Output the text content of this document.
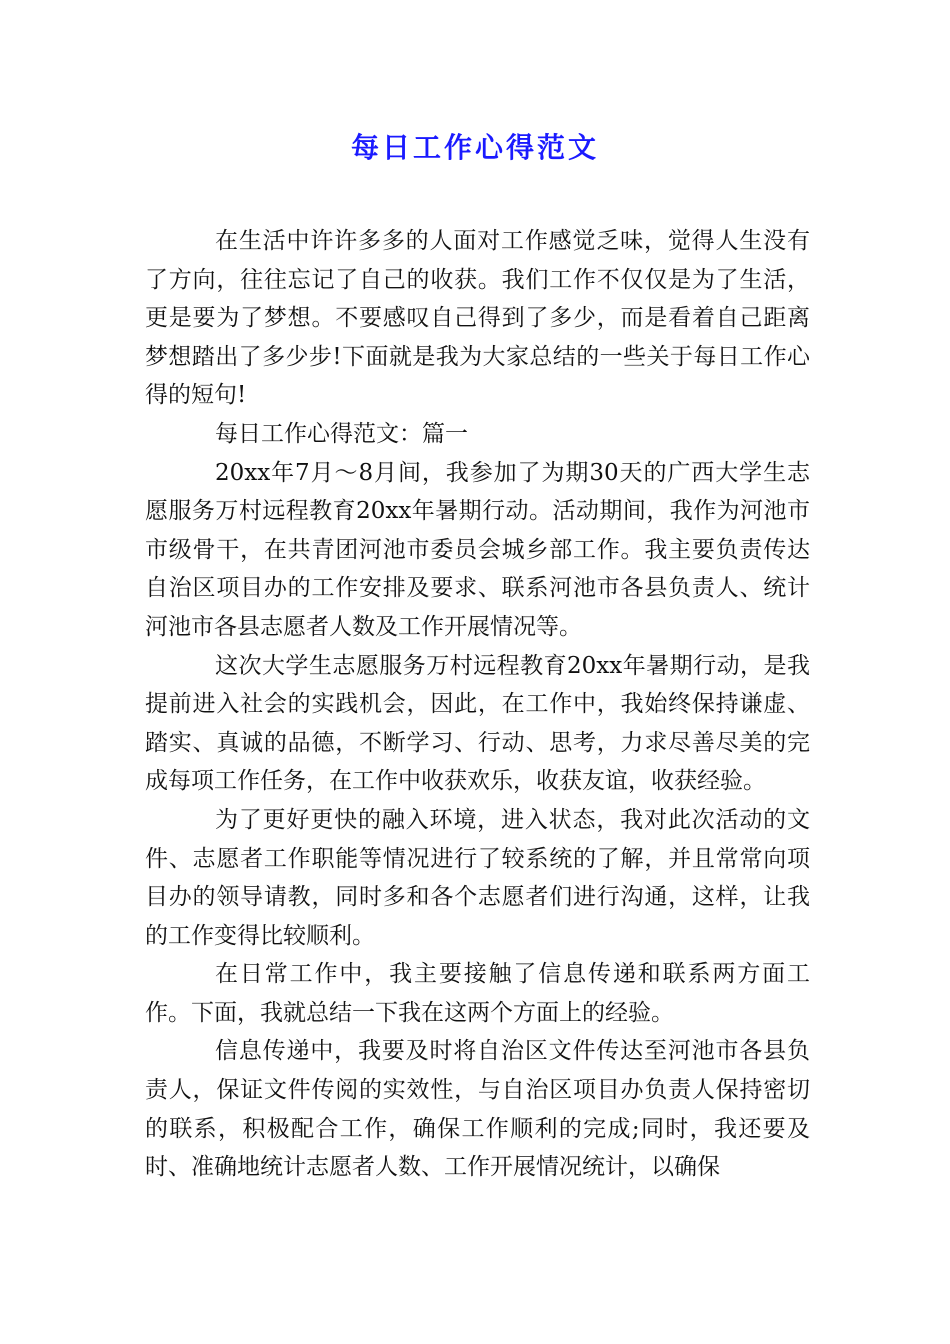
每日工作心得范文

在生活中许许多多的人面对工作感觉乏味，觉得人生没有了方向，往往忘记了自己的收获。我们工作不仅仅是为了生活，更是要为了梦想。不要感叹自己得到了多少，而是看着自己距离梦想踏出了多少步!下面就是我为大家总结的一些关于每日工作心得的短句!

每日工作心得范文：篇一

20xx年7月～8月间，我参加了为期30天的广西大学生志愿服务万村远程教育20xx年暑期行动。活动期间，我作为河池市市级骨干，在共青团河池市委员会城乡部工作。我主要负责传达自治区项目办的工作安排及要求、联系河池市各县负责人、统计河池市各县志愿者人数及工作开展情况等。

这次大学生志愿服务万村远程教育20xx年暑期行动，是我提前进入社会的实践机会，因此，在工作中，我始终保持谦虚、踏实、真诚的品德，不断学习、行动、思考，力求尽善尽美的完成每项工作任务，在工作中收获欢乐，收获友谊，收获经验。

为了更好更快的融入环境，进入状态，我对此次活动的文件、志愿者工作职能等情况进行了较系统的了解，并且常常向项目办的领导请教，同时多和各个志愿者们进行沟通，这样，让我的工作变得比较顺利。

在日常工作中，我主要接触了信息传递和联系两方面工作。下面，我就总结一下我在这两个方面上的经验。

信息传递中，我要及时将自治区文件传达至河池市各县负责人，保证文件传阅的实效性，与自治区项目办负责人保持密切的联系，积极配合工作，确保工作顺利的完成;同时，我还要及时、准确地统计志愿者人数、工作开展情况统计，以确保
